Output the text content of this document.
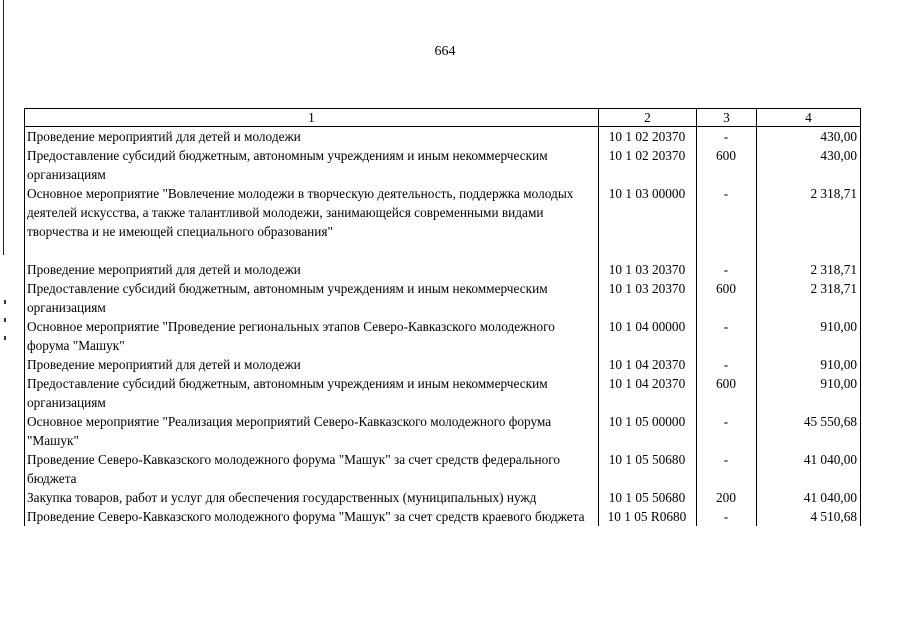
664
1	2	3	4
Проведение мероприятий для детей и молодежи	10 1 02 20370	-	430,00
Предоставление субсидий бюджетным, автономным учреждениям и иным некоммерческим организациям	10 1 02 20370	600	430,00
Основное мероприятие "Вовлечение молодежи в творческую деятельность, поддержка молодых деятелей искусства, а также талантливой молодежи, занимающейся современными видами творчества и не имеющей специального образования"	10 1 03 00000	-	2 318,71

Проведение мероприятий для детей и молодежи	10 1 03 20370	-	2 318,71
Предоставление субсидий бюджетным, автономным учреждениям и иным некоммерческим организациям	10 1 03 20370	600	2 318,71
Основное мероприятие "Проведение региональных этапов Северо-Кавказского молодежного форума "Машук"	10 1 04 00000	-	910,00
Проведение мероприятий для детей и молодежи	10 1 04 20370	-	910,00
Предоставление субсидий бюджетным, автономным учреждениям и иным некоммерческим организациям	10 1 04 20370	600	910,00
Основное мероприятие "Реализация мероприятий Северо-Кавказского молодежного форума "Машук"	10 1 05 00000	-	45 550,68
Проведение Северо-Кавказского молодежного форума "Машук" за счет средств федерального бюджета	10 1 05 50680	-	41 040,00
Закупка товаров, работ и услуг для обеспечения государственных (муниципальных) нужд	10 1 05 50680	200	41 040,00
Проведение Северо-Кавказского молодежного форума "Машук" за счет средств краевого бюджета	10 1 05 R0680	-	4 510,68
